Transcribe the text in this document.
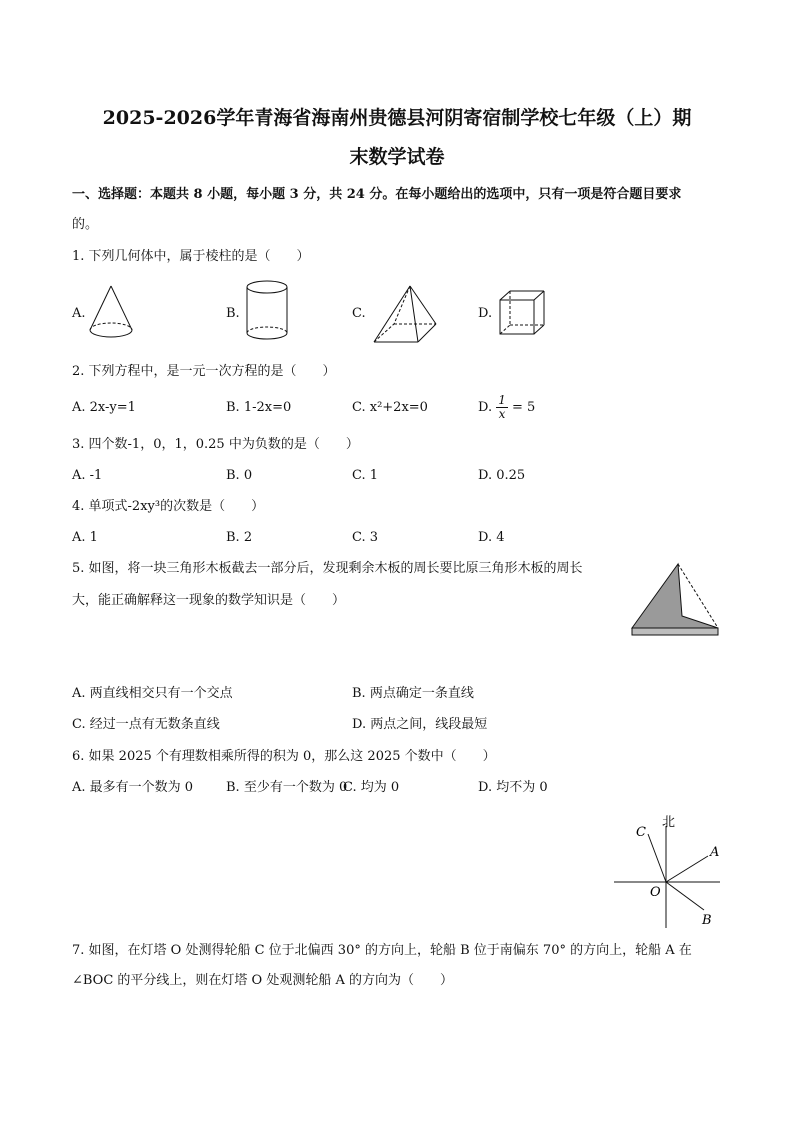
2025-2026学年青海省海南州贵德县河阴寄宿制学校七年级（上）期
末数学试卷
一、选择题：本题共 8 小题，每小题 3 分，共 24 分。在每小题给出的选项中，只有一项是符合题目要求
的。
1. 下列几何体中，属于棱柱的是（　　）
A.	B.	C.	D.
2. 下列方程中，是一元一次方程的是（　　）
A. 2x-y=1	B. 1-2x=0	C. x²+2x=0	D. $\frac{1}{x} = 5$
3. 四个数-1，0，1，0.25 中为负数的是（　　）
A. -1	B. 0	C. 1	D. 0.25
4. 单项式-2xy³的次数是（　　）
A. 1	B. 2	C. 3	D. 4
5. 如图，将一块三角形木板截去一部分后，发现剩余木板的周长要比原三角形木板的周长
大，能正确解释这一现象的数学知识是（　　）
A. 两直线相交只有一个交点	B. 两点确定一条直线
C. 经过一点有无数条直线	D. 两点之间，线段最短
6. 如果 2025 个有理数相乘所得的积为 0，那么这 2025 个数中（　　）
A. 最多有一个数为 0	B. 至少有一个数为 0
C. 均为 0	D. 均不为 0
北
C
A
O
B
7. 如图，在灯塔 O 处测得轮船 C 位于北偏西 30° 的方向上，轮船 B 位于南偏东 70° 的方向上，轮船 A 在
∠BOC 的平分线上，则在灯塔 O 处观测轮船 A 的方向为（　　）
